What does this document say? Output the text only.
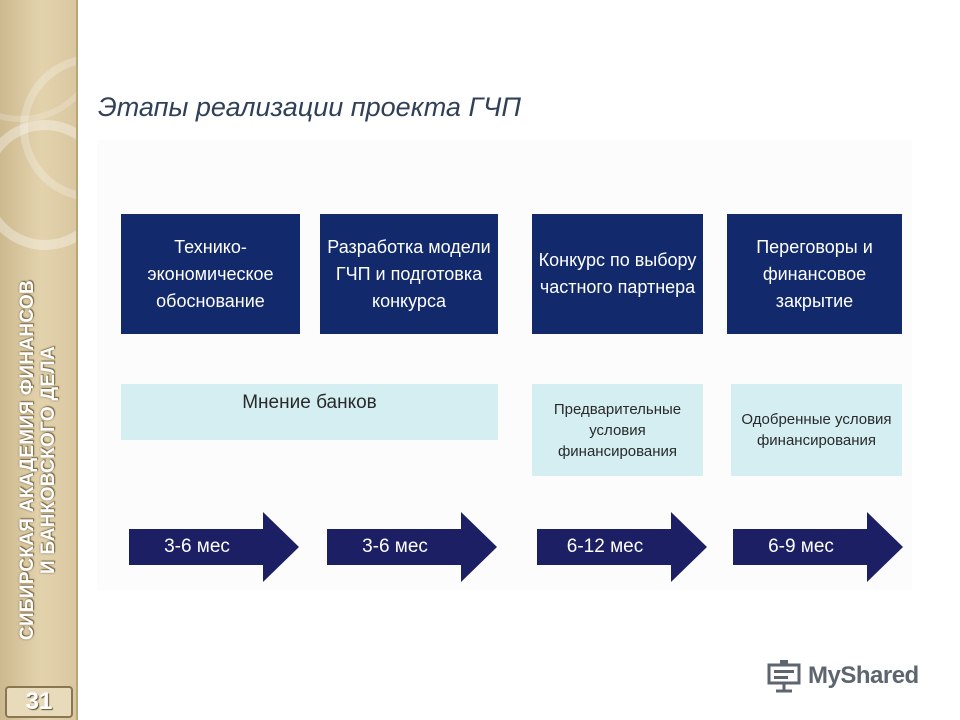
СИБИРСКАЯ АКАДЕМИЯ ФИНАНСОВ И БАНКОВСКОГО ДЕЛА
31
Этапы реализации проекта ГЧП
Технико-экономическое обоснование
Разработка модели ГЧП и подготовка конкурса
Конкурс по выбору частного партнера
Переговоры и финансовое закрытие
Мнение банков	Предварительные условия финансирования
Одобренные условия финансирования
3-6 мес	3-6 мес	6-12 мес	6-9 мес
MyShared
